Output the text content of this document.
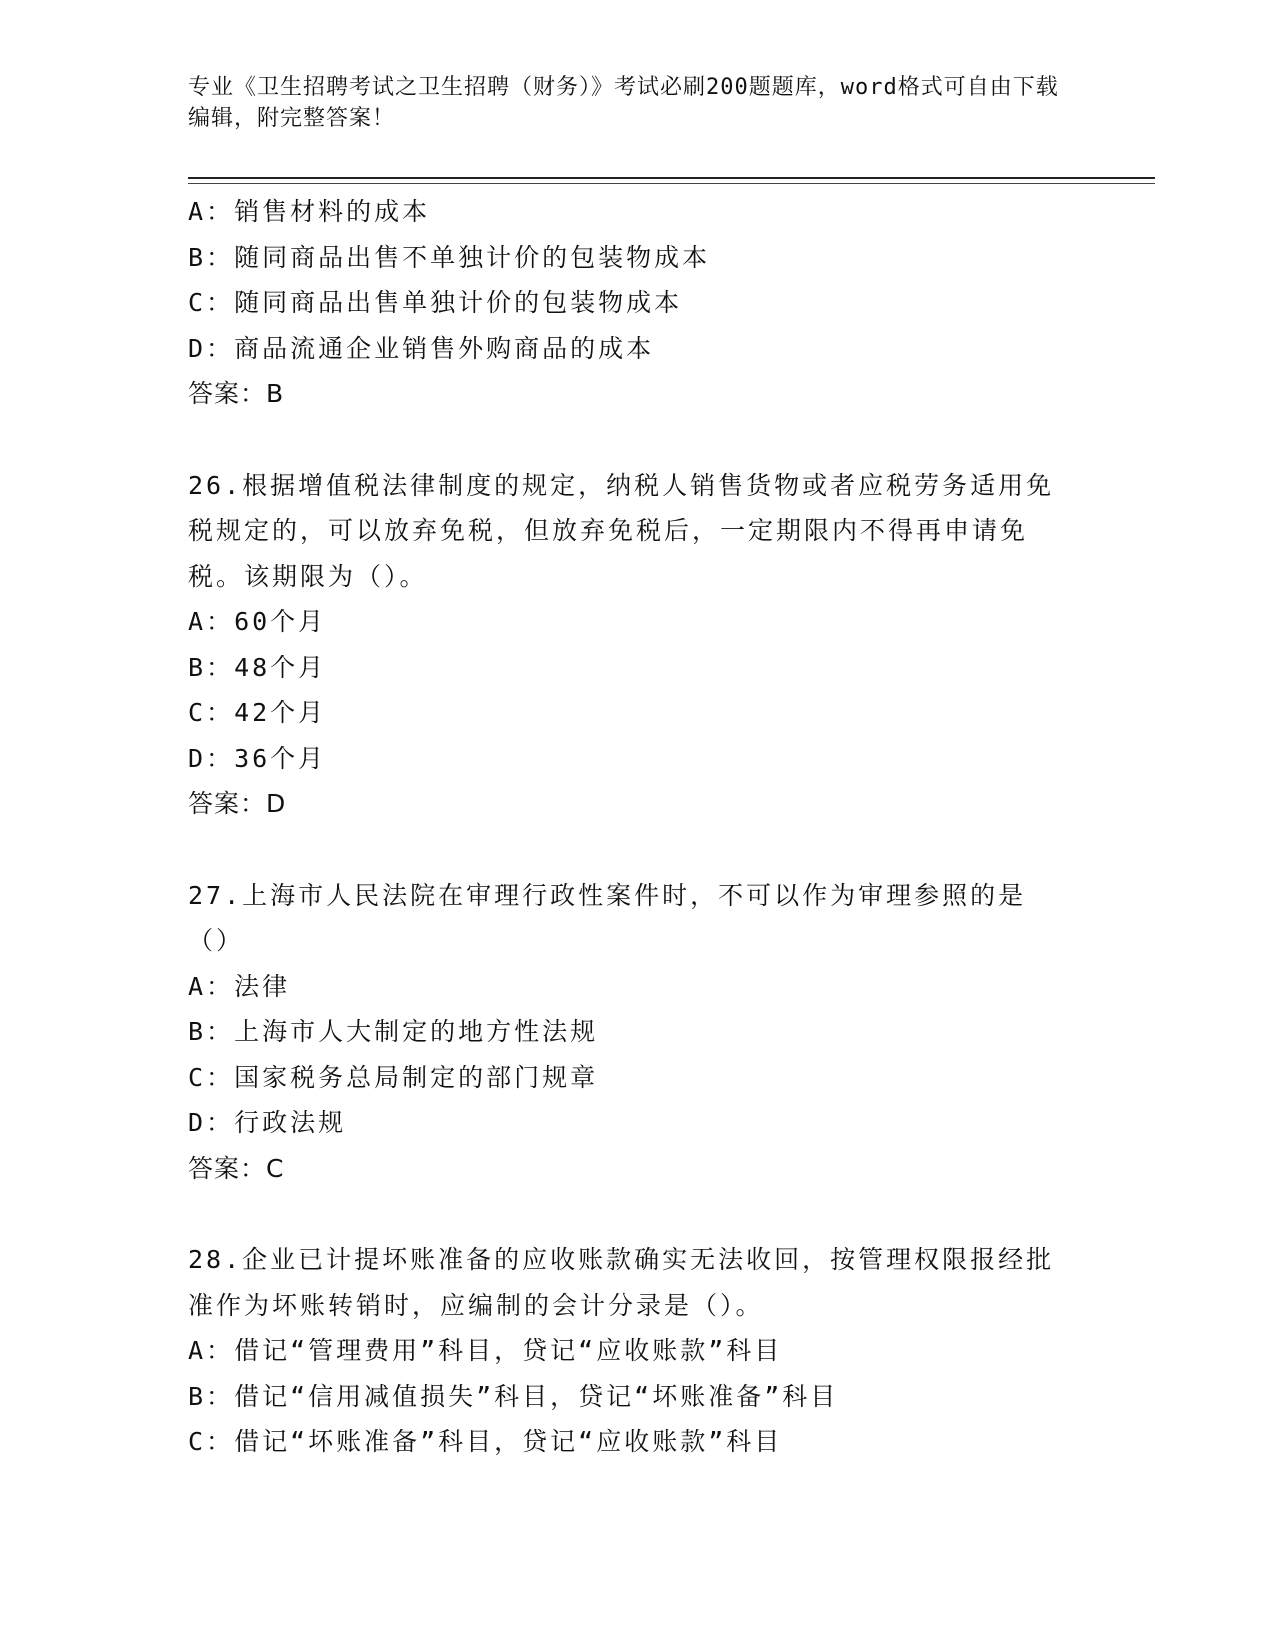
专业《卫生招聘考试之卫生招聘（财务）》考试必刷200题题库，word格式可自由下载编辑，附完整答案！
A：销售材料的成本
B：随同商品出售不单独计价的包装物成本
C：随同商品出售单独计价的包装物成本
D：商品流通企业销售外购商品的成本
答案：B
26.根据增值税法律制度的规定，纳税人销售货物或者应税劳务适用免税规定的，可以放弃免税，但放弃免税后，一定期限内不得再申请免税。该期限为（）。
A：60个月
B：48个月
C：42个月
D：36个月
答案：D
27.上海市人民法院在审理行政性案件时，不可以作为审理参照的是（）
A：法律
B：上海市人大制定的地方性法规
C：国家税务总局制定的部门规章
D：行政法规
答案：C
28.企业已计提坏账准备的应收账款确实无法收回，按管理权限报经批准作为坏账转销时，应编制的会计分录是（）。
A：借记“管理费用”科目，贷记“应收账款”科目
B：借记“信用减值损失”科目，贷记“坏账准备”科目
C：借记“坏账准备”科目，贷记“应收账款”科目
